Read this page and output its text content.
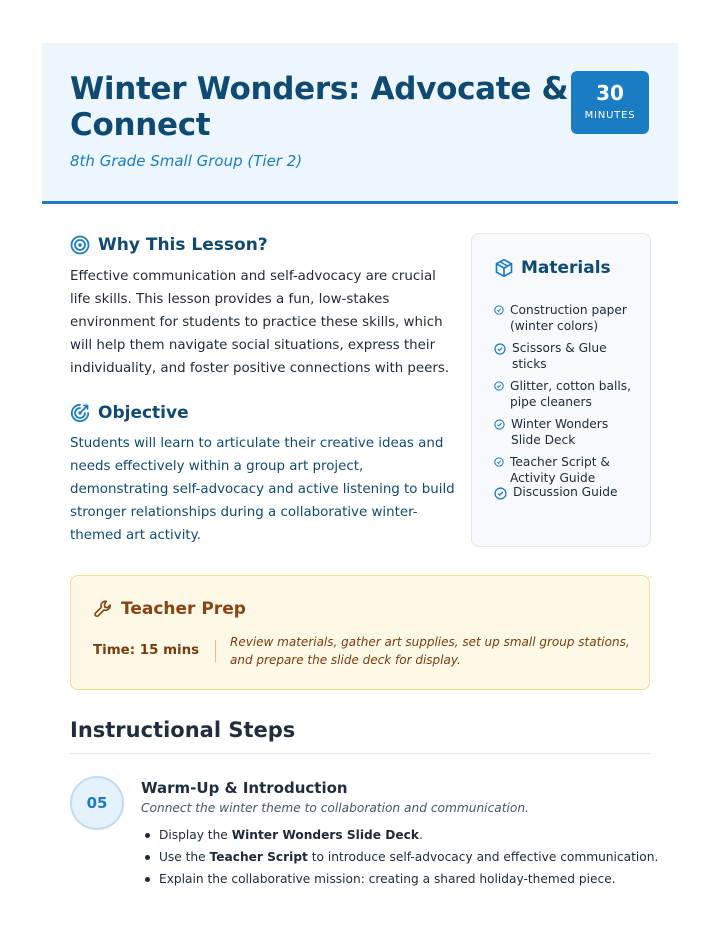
Winter Wonders: Advocate & Connect
8th Grade Small Group (Tier 2)
30
MINUTES
Why This Lesson?

Effective communication and self-advocacy are crucial life skills. This lesson provides a fun, low-stakes environment for students to practice these skills, which will help them navigate social situations, express their individuality, and foster positive connections with peers.

Objective

Students will learn to articulate their creative ideas and needs effectively within a group art project, demonstrating self-advocacy and active listening to build stronger relationships during a collaborative winter-themed art activity.

Materials
Construction paper (winter colors)
Scissors & Glue sticks
Glitter, cotton balls, pipe cleaners
Winter Wonders Slide Deck
Teacher Script & Activity Guide
Discussion Guide
Teacher Prep
Time: 15 mins
Review materials, gather art supplies, set up small group stations, and prepare the slide deck for display.
Instructional Steps
05
Warm-Up & Introduction
Connect the winter theme to collaboration and communication.
Display the Winter Wonders Slide Deck.
Use the Teacher Script to introduce self-advocacy and effective communication.
Explain the collaborative mission: creating a shared holiday-themed piece.
